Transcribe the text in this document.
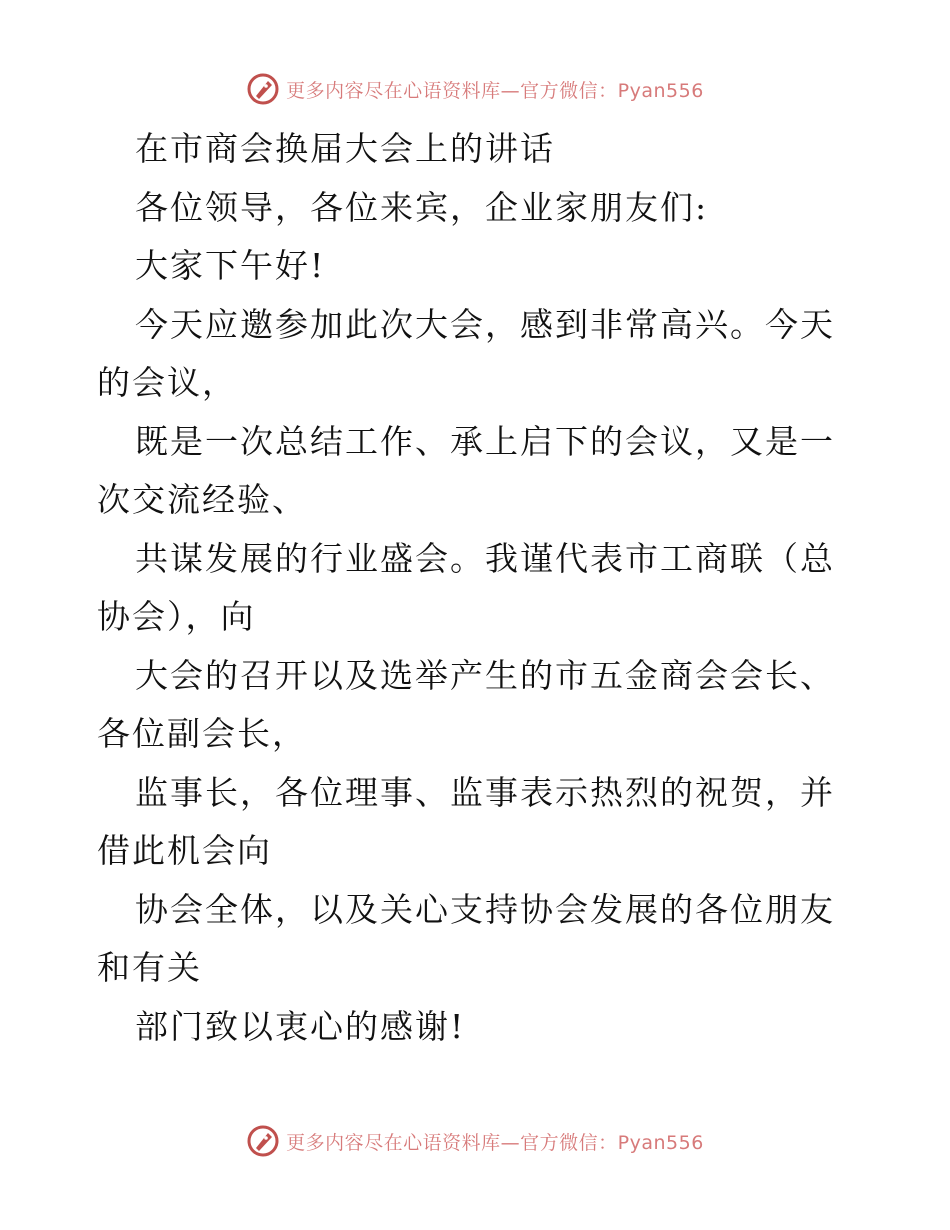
更多内容尽在心语资料库—官方微信：Pyan556

在市商会换届大会上的讲话

各位领导，各位来宾，企业家朋友们:

大家下午好!

今天应邀参加此次大会，感到非常高兴。今天的会议，

既是一次总结工作、承上启下的会议，又是一次交流经验、

共谋发展的行业盛会。我谨代表市工商联（总协会），向

大会的召开以及选举产生的市五金商会会长、各位副会长，

监事长，各位理事、监事表示热烈的祝贺，并借此机会向

协会全体，以及关心支持协会发展的各位朋友和有关

部门致以衷心的感谢!

更多内容尽在心语资料库—官方微信：Pyan556
